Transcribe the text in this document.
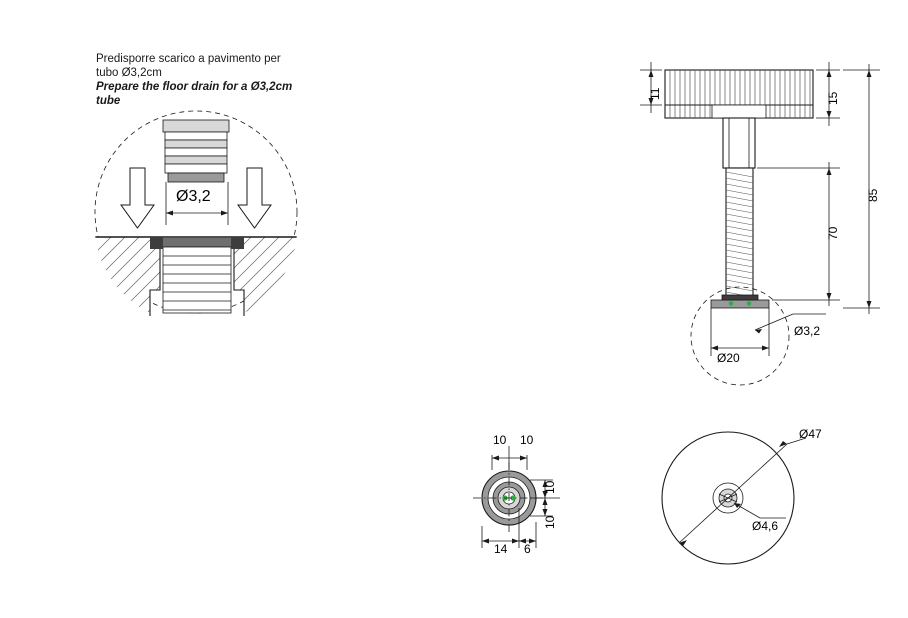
Predisporre scarico a pavimento per
tubo Ø3,2cm
Prepare the floor drain for a Ø3,2cm
tube
Ø3,2
11	15
70
85
Ø3,2
Ø20
10 10
10
10
14 6
Ø47
Ø4,6
